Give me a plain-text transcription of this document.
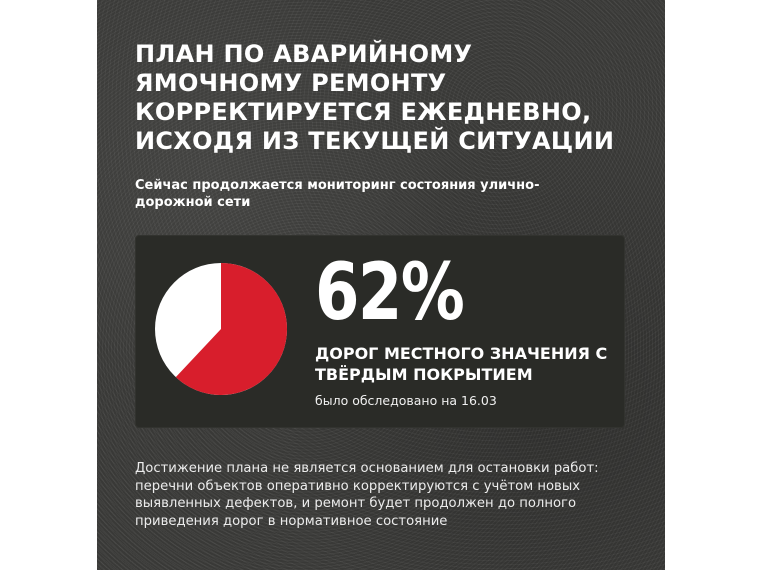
ПЛАН ПО АВАРИЙНОМУ ЯМОЧНОМУ РЕМОНТУ КОРРЕКТИРУЕТСЯ ЕЖЕДНЕВНО, ИСХОДЯ ИЗ ТЕКУЩЕЙ СИТУАЦИИ

Сейчас продолжается мониторинг состояния улично-дорожной сети

62%

ДОРОГ МЕСТНОГО ЗНАЧЕНИЯ С ТВЁРДЫМ ПОКРЫТИЕМ

было обследовано на 16.03

Достижение плана не является основанием для остановки работ: перечни объектов оперативно корректируются с учётом новых выявленных дефектов, и ремонт будет продолжен до полного приведения дорог в нормативное состояние
